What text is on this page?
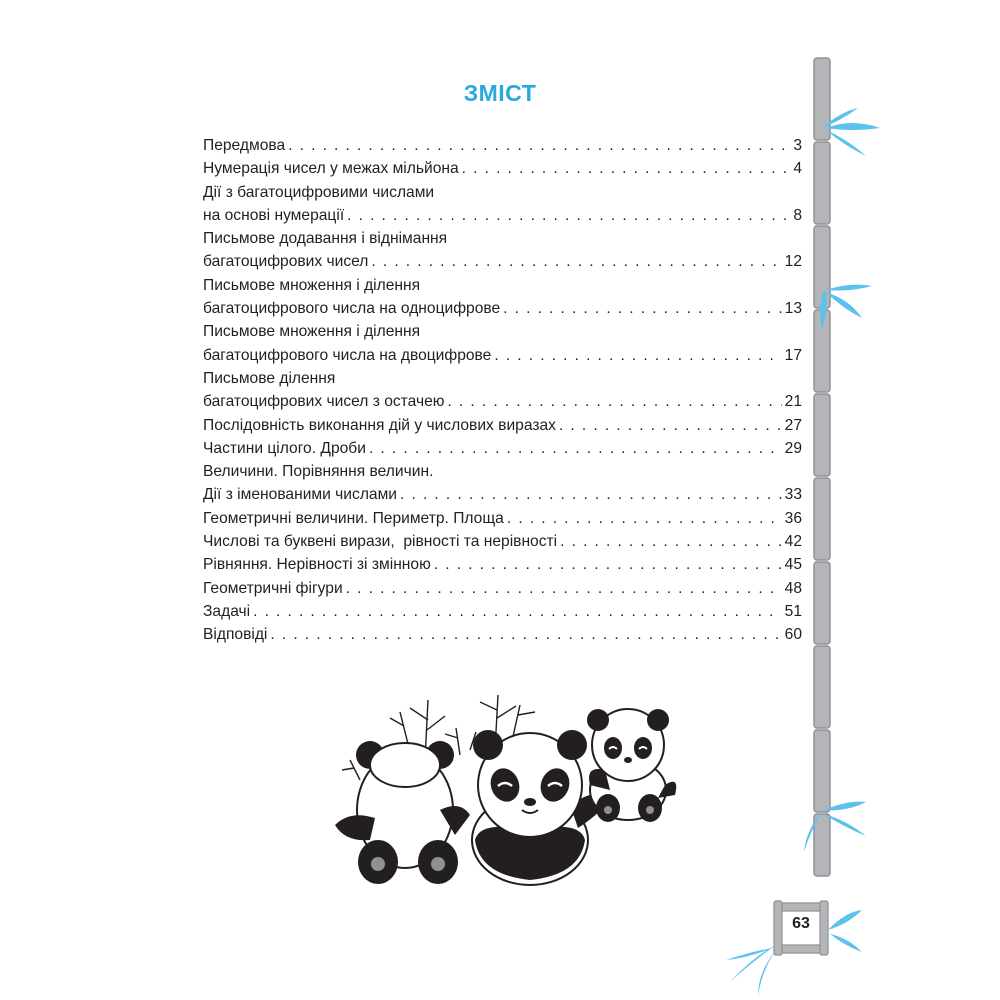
ЗМІСТ
Передмова . . .	3
Нумерація чисел у межах мільйона . . .	4
Дії з багатоцифровими числами
на основі нумерації . . .	8
Письмове додавання і віднімання
багатоцифрових чисел . . .	12
Письмове множення і ділення
багатоцифрового числа на одноцифрове . . .	13
Письмове множення і ділення
багатоцифрового числа на двоцифрове . . .	17
Письмове ділення
багатоцифрових чисел з остачею . . .	21
Послідовність виконання дій у числових виразах . . .	27
Частини цілого. Дроби . . .	29
Величини. Порівняння величин.
Дії з іменованими числами . . .	33
Геометричні величини. Периметр. Площа . . .	36
Числові та буквені вирази,  рівності та нерівності . . .	42
Рівняння. Нерівності зі змінною . . .	45
Геометричні фігури . . .	48
Задачі . . .	51
Відповіді . . .	60
63
